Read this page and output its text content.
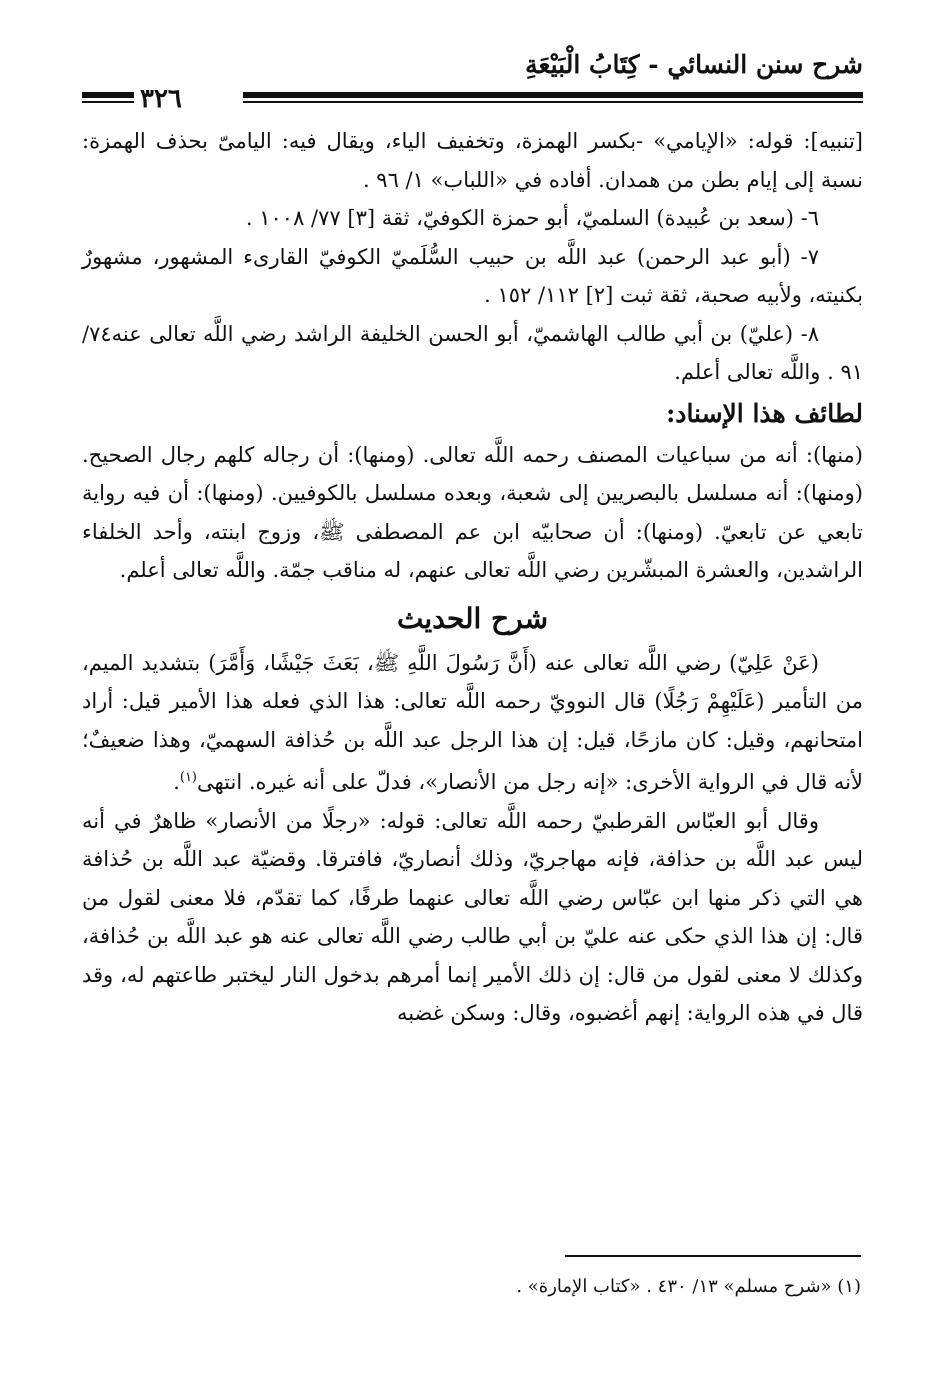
شرح سنن النسائي - كِتَابُ الْبَيْعَةِ
٣٢٦

[تنبيه]: قوله: «الإيامي» -بكسر الهمزة، وتخفيف الياء، ويقال فيه: اليامىّ بحذف الهمزة: نسبة إلى إيام بطن من همدان. أفاده في «اللباب» ١/ ٩٦ .

٦- (سعد بن عُبيدة) السلميّ، أبو حمزة الكوفيّ، ثقة [٣] ٧٧/ ١٠٠٨ .

٧- (أبو عبد الرحمن) عبد اللَّه بن حبيب السُّلَميّ الكوفيّ القارىء المشهور، مشهورٌ بكنيته، ولأبيه صحبة، ثقة ثبت [٢] ١١٢/ ١٥٢ .

٨- (عليّ) بن أبي طالب الهاشميّ، أبو الحسن الخليفة الراشد رضي اللَّه تعالى عنه٧٤/ ٩١ . واللَّه تعالى أعلم.

لطائف هذا الإسناد:

(منها): أنه من سباعيات المصنف رحمه اللَّه تعالى. (ومنها): أن رجاله كلهم رجال الصحيح. (ومنها): أنه مسلسل بالبصريين إلى شعبة، وبعده مسلسل بالكوفيين. (ومنها): أن فيه رواية تابعي عن تابعيّ. (ومنها): أن صحابيّه ابن عم المصطفى ﷺ، وزوج ابنته، وأحد الخلفاء الراشدين، والعشرة المبشّرين رضي اللَّه تعالى عنهم، له مناقب جمّة. واللَّه تعالى أعلم.

شرح الحديث

(عَنْ عَلِيّ) رضي اللَّه تعالى عنه (أَنَّ رَسُولَ اللَّهِ ﷺ، بَعَثَ جَيْشًا، وَأَمَّرَ) بتشديد الميم، من التأمير (عَلَيْهِمْ رَجُلًا) قال النوويّ رحمه اللَّه تعالى: هذا الذي فعله هذا الأمير قيل: أراد امتحانهم، وقيل: كان مازحًا، قيل: إن هذا الرجل عبد اللَّه بن حُذافة السهميّ، وهذا ضعيفٌ؛ لأنه قال في الرواية الأخرى: «إنه رجل من الأنصار»، فدلّ على أنه غيره. انتهى$^{(١)}$.

وقال أبو العبّاس القرطبيّ رحمه اللَّه تعالى: قوله: «رجلًا من الأنصار» ظاهرٌ في أنه ليس عبد اللَّه بن حذافة، فإنه مهاجريّ، وذلك أنصاريّ، فافترقا. وقضيّة عبد اللَّه بن حُذافة هي التي ذكر منها ابن عبّاس رضي اللَّه تعالى عنهما طرفًا، كما تقدّم، فلا معنى لقول من قال: إن هذا الذي حكى عنه عليّ بن أبي طالب رضي اللَّه تعالى عنه هو عبد اللَّه بن حُذافة، وكذلك لا معنى لقول من قال: إن ذلك الأمير إنما أمرهم بدخول النار ليختبر طاعتهم له، وقد قال في هذه الرواية: إنهم أغضبوه، وقال: وسكن غضبه

(١) «شرح مسلم» ١٣/ ٤٣٠ . «كتاب الإمارة» .
